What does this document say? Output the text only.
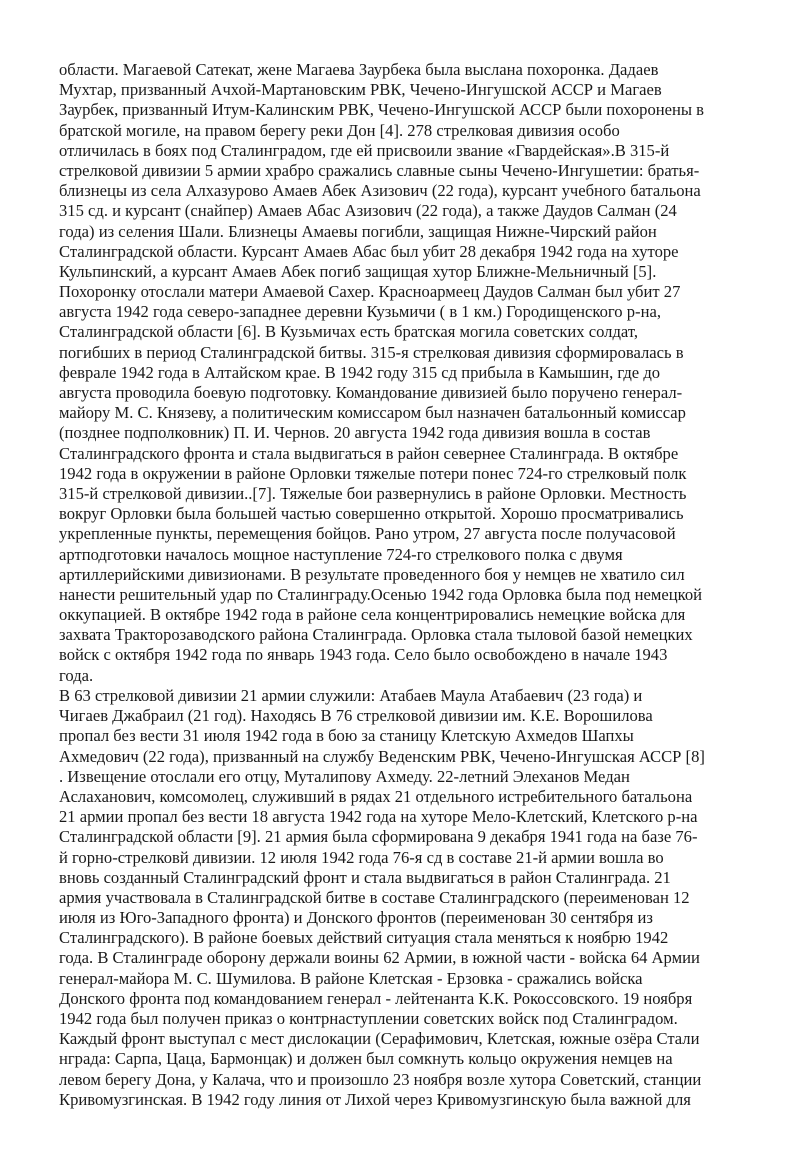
области. Магаевой Сатекат, жене Магаева Заурбека была выслана похоронка. Дадаев
Мухтар, призванный Ачхой-Мартановским РВК, Чечено-Ингушской АССР и Магаев
Заурбек, призванный Итум-Калинским РВК, Чечено-Ингушской АССР были похоронены в
братской могиле, на правом берегу реки Дон [4]. 278 стрелковая дивизия особо
отличилась в боях под Сталинградом, где ей присвоили звание «Гвардейская».В 315-й
стрелковой дивизии 5 армии храбро сражались славные сыны Чечено-Ингушетии: братья-
близнецы из села Алхазурово Амаев Абек Азизович (22 года), курсант учебного батальона
315 сд. и курсант (снайпер) Амаев Абас Азизович (22 года), а также Даудов Салман (24
года) из селения Шали. Близнецы Амаевы погибли, защищая Нижне-Чирский район
Сталинградской области. Курсант Амаев Абас был убит 28 декабря 1942 года на хуторе
Кульпинский, а курсант Амаев Абек погиб защищая хутор Ближне-Мельничный [5].
Похоронку отослали матери Амаевой Сахер. Красноармеец Даудов Салман был убит 27
августа 1942 года северо-западнее деревни Кузьмичи ( в 1 км.) Городищенского р-на,
Сталинградской области [6]. В Кузьмичах есть братская могила советских солдат,
погибших в период Сталинградской битвы. 315-я стрелковая дивизия сформировалась в
феврале 1942 года в Алтайском крае. В 1942 году 315 сд прибыла в Камышин, где до
августа проводила боевую подготовку. Командование дивизией было поручено генерал-
майору М. С. Князеву, а политическим комиссаром был назначен батальонный комиссар
(позднее подполковник) П. И. Чернов. 20 августа 1942 года дивизия вошла в состав
Сталинградского фронта и стала выдвигаться в район севернее Сталинграда. В октябре
1942 года в окружении в районе Орловки тяжелые потери понес 724-го стрелковый полк
315-й стрелковой дивизии..[7]. Тяжелые бои развернулись в районе Орловки. Местность
вокруг Орловки была большей частью совершенно открытой. Хорошо просматривались
укрепленные пункты, перемещения бойцов. Рано утром, 27 августа после получасовой
артподготовки началось мощное наступление 724-го стрелкового полка с двумя
артиллерийскими дивизионами. В результате проведенного боя у немцев не хватило сил
нанести решительный удар по Сталинграду.Осенью 1942 года Орловка была под немецкой
оккупацией. В октябре 1942 года в районе села концентрировались немецкие войска для
захвата Тракторозаводского района Сталинграда. Орловка стала тыловой базой немецких
войск с октября 1942 года по январь 1943 года. Село было освобождено в начале 1943
года.
В 63 стрелковой дивизии 21 армии служили: Атабаев Маула Атабаевич (23 года) и
Чигаев Джабраил (21 год). Находясь В 76 стрелковой дивизии им. К.Е. Ворошилова
пропал без вести 31 июля 1942 года в бою за станицу Клетскую Ахмедов Шапхы
Ахмедович (22 года), призванный на службу Веденским РВК, Чечено-Ингушская АССР [8]
. Извещение отослали его отцу, Муталипову Ахмеду. 22-летний Элеханов Медан
Аслаханович, комсомолец, служивший в рядах 21 отдельного истребительного батальона
21 армии пропал без вести 18 августа 1942 года на хуторе Мело-Клетский, Клетского р-на
Сталинградской области [9]. 21 армия была сформирована 9 декабря 1941 года на базе 76-
й горно-стрелковй дивизии. 12 июля 1942 года 76-я сд в составе 21-й армии вошла во
вновь созданный Сталинградский фронт и стала выдвигаться в район Сталинграда. 21
армия участвовала в Сталинградской битве в составе Сталинградского (переименован 12
июля из Юго-Западного фронта) и Донского фронтов (переименован 30 сентября из
Сталинградского). В районе боевых действий ситуация стала меняться к ноябрю 1942
года. В Сталинграде оборону держали воины 62 Армии, в южной части - войска 64 Армии
генерал-майора М. С. Шумилова. В районе Клетская - Ерзовка - сражались войска
Донского фронта под командованием генерал - лейтенанта К.К. Рокоссовского. 19 ноября
1942 года был получен приказ о контрнаступлении советских войск под Сталинградом.
Каждый фронт выступал с мест дислокации (Серафимович, Клетская, южные озёра Стали
нграда: Сарпа, Цаца, Бармонцак) и должен был сомкнуть кольцо окружения немцев на
левом берегу Дона, у Калача, что и произошло 23 ноября возле хутора Советский, станции
Кривомузгинская. В 1942 году линия от Лихой через Кривомузгинскую была важной для
